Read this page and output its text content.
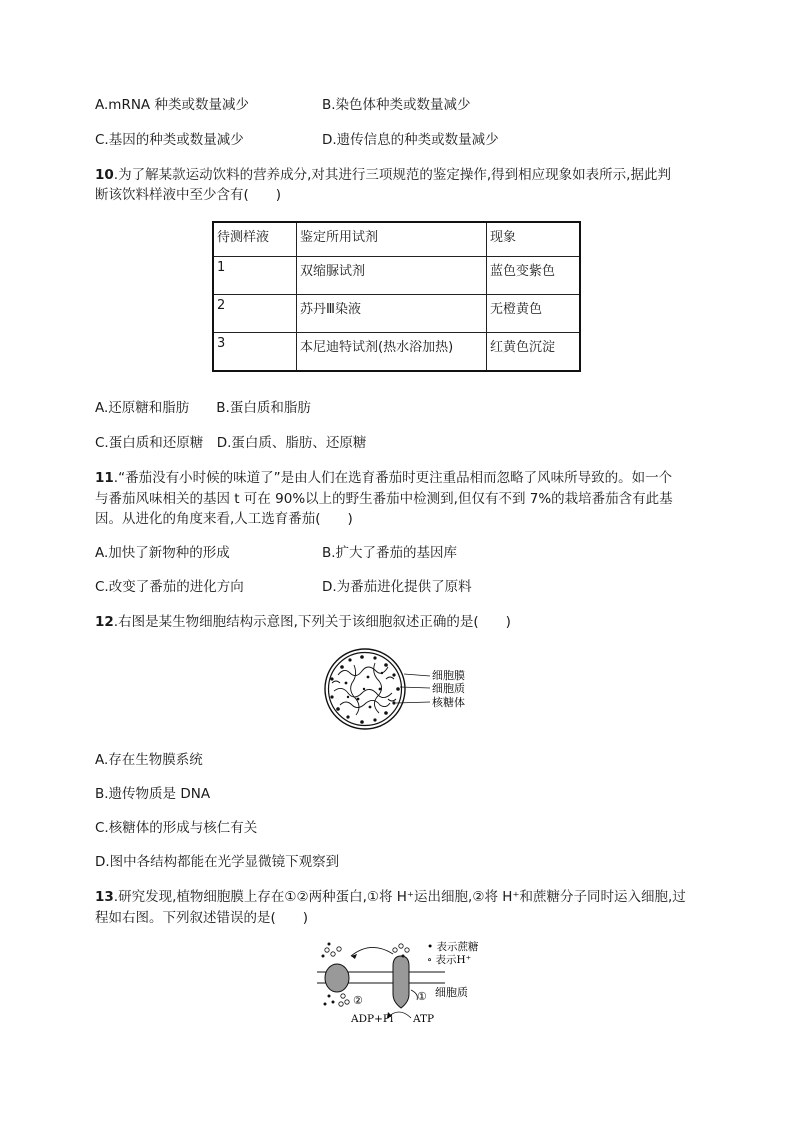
A.mRNA 种类或数量减少	B.染色体种类或数量减少
C.基因的种类或数量减少	D.遗传信息的种类或数量减少
10.为了解某款运动饮料的营养成分,对其进行三项规范的鉴定操作,得到相应现象如表所示,据此判
断该饮料样液中至少含有(　　)
待测样液	鉴定所用试剂	现象
1	双缩脲试剂	蓝色变紫色
2	苏丹Ⅲ染液	无橙黄色
3	本尼迪特试剂(热水浴加热)	红黄色沉淀
A.还原糖和脂肪　　B.蛋白质和脂肪
C.蛋白质和还原糖　D.蛋白质、脂肪、还原糖
11.“番茄没有小时候的味道了”是由人们在选育番茄时更注重品相而忽略了风味所导致的。如一个
与番茄风味相关的基因 t 可在 90%以上的野生番茄中检测到,但仅有不到 7%的栽培番茄含有此基
因。从进化的角度来看,人工选育番茄(　　)
A.加快了新物种的形成	B.扩大了番茄的基因库
C.改变了番茄的进化方向	D.为番茄进化提供了原料
12.右图是某生物细胞结构示意图,下列关于该细胞叙述正确的是(　　)
细胞膜
细胞质
核糖体
A.存在生物膜系统
B.遗传物质是 DNA
C.核糖体的形成与核仁有关
D.图中各结构都能在光学显微镜下观察到
13.研究发现,植物细胞膜上存在①②两种蛋白,①将 H⁺运出细胞,②将 H⁺和蔗糖分子同时运入细胞,过
程如右图。下列叙述错误的是(　　)
• 表示蔗糖
∘ 表示H⁺
②	① 细胞质
ADP+Pi ATP
